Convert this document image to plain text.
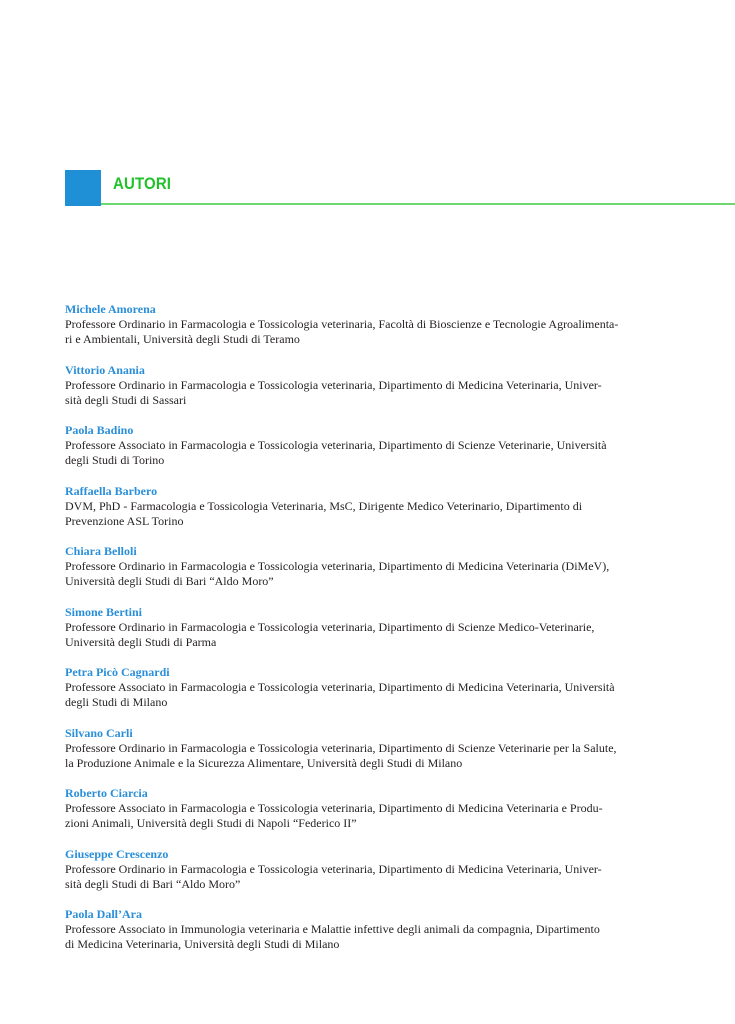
AUTORI
Michele Amorena
Professore Ordinario in Farmacologia e Tossicologia veterinaria, Facoltà di Bioscienze e Tecnologie Agroalimenta-
ri e Ambientali, Università degli Studi di Teramo
Vittorio Anania
Professore Ordinario in Farmacologia e Tossicologia veterinaria, Dipartimento di Medicina Veterinaria, Univer-
sità degli Studi di Sassari
Paola Badino
Professore Associato in Farmacologia e Tossicologia veterinaria, Dipartimento di Scienze Veterinarie, Università
degli Studi di Torino
Raffaella Barbero
DVM, PhD - Farmacologia e Tossicologia Veterinaria, MsC, Dirigente Medico Veterinario, Dipartimento di
Prevenzione ASL Torino
Chiara Belloli
Professore Ordinario in Farmacologia e Tossicologia veterinaria, Dipartimento di Medicina Veterinaria (DiMeV),
Università degli Studi di Bari “Aldo Moro”
Simone Bertini
Professore Ordinario in Farmacologia e Tossicologia veterinaria, Dipartimento di Scienze Medico-Veterinarie,
Università degli Studi di Parma
Petra Picò Cagnardi
Professore Associato in Farmacologia e Tossicologia veterinaria, Dipartimento di Medicina Veterinaria, Università
degli Studi di Milano
Silvano Carli
Professore Ordinario in Farmacologia e Tossicologia veterinaria, Dipartimento di Scienze Veterinarie per la Salute,
la Produzione Animale e la Sicurezza Alimentare, Università degli Studi di Milano
Roberto Ciarcia
Professore Associato in Farmacologia e Tossicologia veterinaria, Dipartimento di Medicina Veterinaria e Produ-
zioni Animali, Università degli Studi di Napoli “Federico II”
Giuseppe Crescenzo
Professore Ordinario in Farmacologia e Tossicologia veterinaria, Dipartimento di Medicina Veterinaria, Univer-
sità degli Studi di Bari “Aldo Moro”
Paola Dall’Ara
Professore Associato in Immunologia veterinaria e Malattie infettive degli animali da compagnia, Dipartimento
di Medicina Veterinaria, Università degli Studi di Milano
